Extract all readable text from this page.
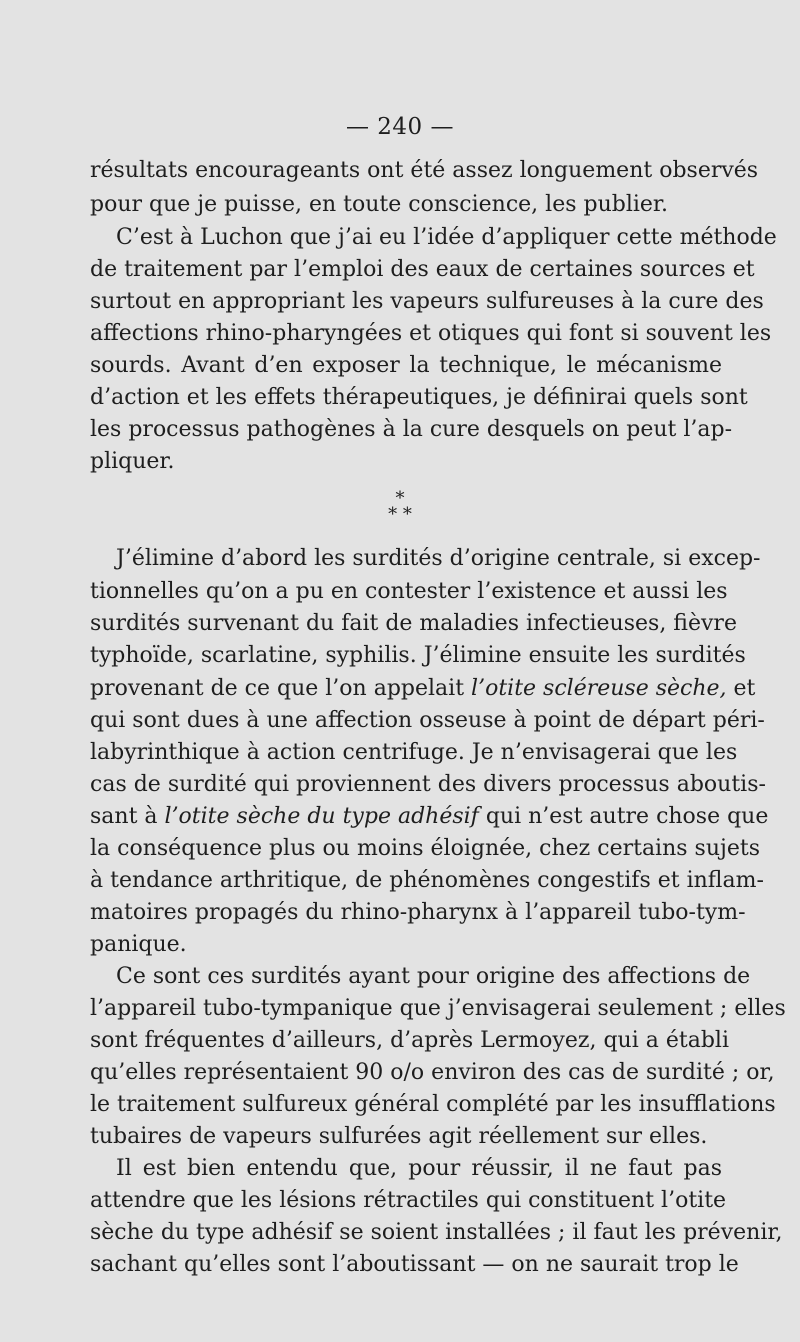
— 240 —
résultats encourageants ont été assez longuement observés
pour que je puisse, en toute conscience, les publier.
C’est à Luchon que j’ai eu l’idée d’appliquer cette méthode
de traitement par l’emploi des eaux de certaines sources et
surtout en appropriant les vapeurs sulfureuses à la cure des
affections rhino-pharyngées et otiques qui font si souvent les
sourds. Avant d’en exposer la technique, le mécanisme
d’action et les effets thérapeutiques, je définirai quels sont
les processus pathogènes à la cure desquels on peut l’ap-
pliquer.
*
* *
J’élimine d’abord les surdités d’origine centrale, si excep-
tionnelles qu’on a pu en contester l’existence et aussi les
surdités survenant du fait de maladies infectieuses, fièvre
typhoïde, scarlatine, syphilis. J’élimine ensuite les surdités
provenant de ce que l’on appelait l’otite scléreuse sèche, et
qui sont dues à une affection osseuse à point de départ péri-
labyrinthique à action centrifuge. Je n’envisagerai que les
cas de surdité qui proviennent des divers processus aboutis-
sant à l’otite sèche du type adhésif qui n’est autre chose que
la conséquence plus ou moins éloignée, chez certains sujets
à tendance arthritique, de phénomènes congestifs et inflam-
matoires propagés du rhino-pharynx à l’appareil tubo-tym-
panique.
Ce sont ces surdités ayant pour origine des affections de
l’appareil tubo-tympanique que j’envisagerai seulement ; elles
sont fréquentes d’ailleurs, d’après Lermoyez, qui a établi
qu’elles représentaient 90 o/o environ des cas de surdité ; or,
le traitement sulfureux général complété par les insufflations
tubaires de vapeurs sulfurées agit réellement sur elles.
Il est bien entendu que, pour réussir, il ne faut pas
attendre que les lésions rétractiles qui constituent l’otite
sèche du type adhésif se soient installées ; il faut les prévenir,
sachant qu’elles sont l’aboutissant — on ne saurait trop le
